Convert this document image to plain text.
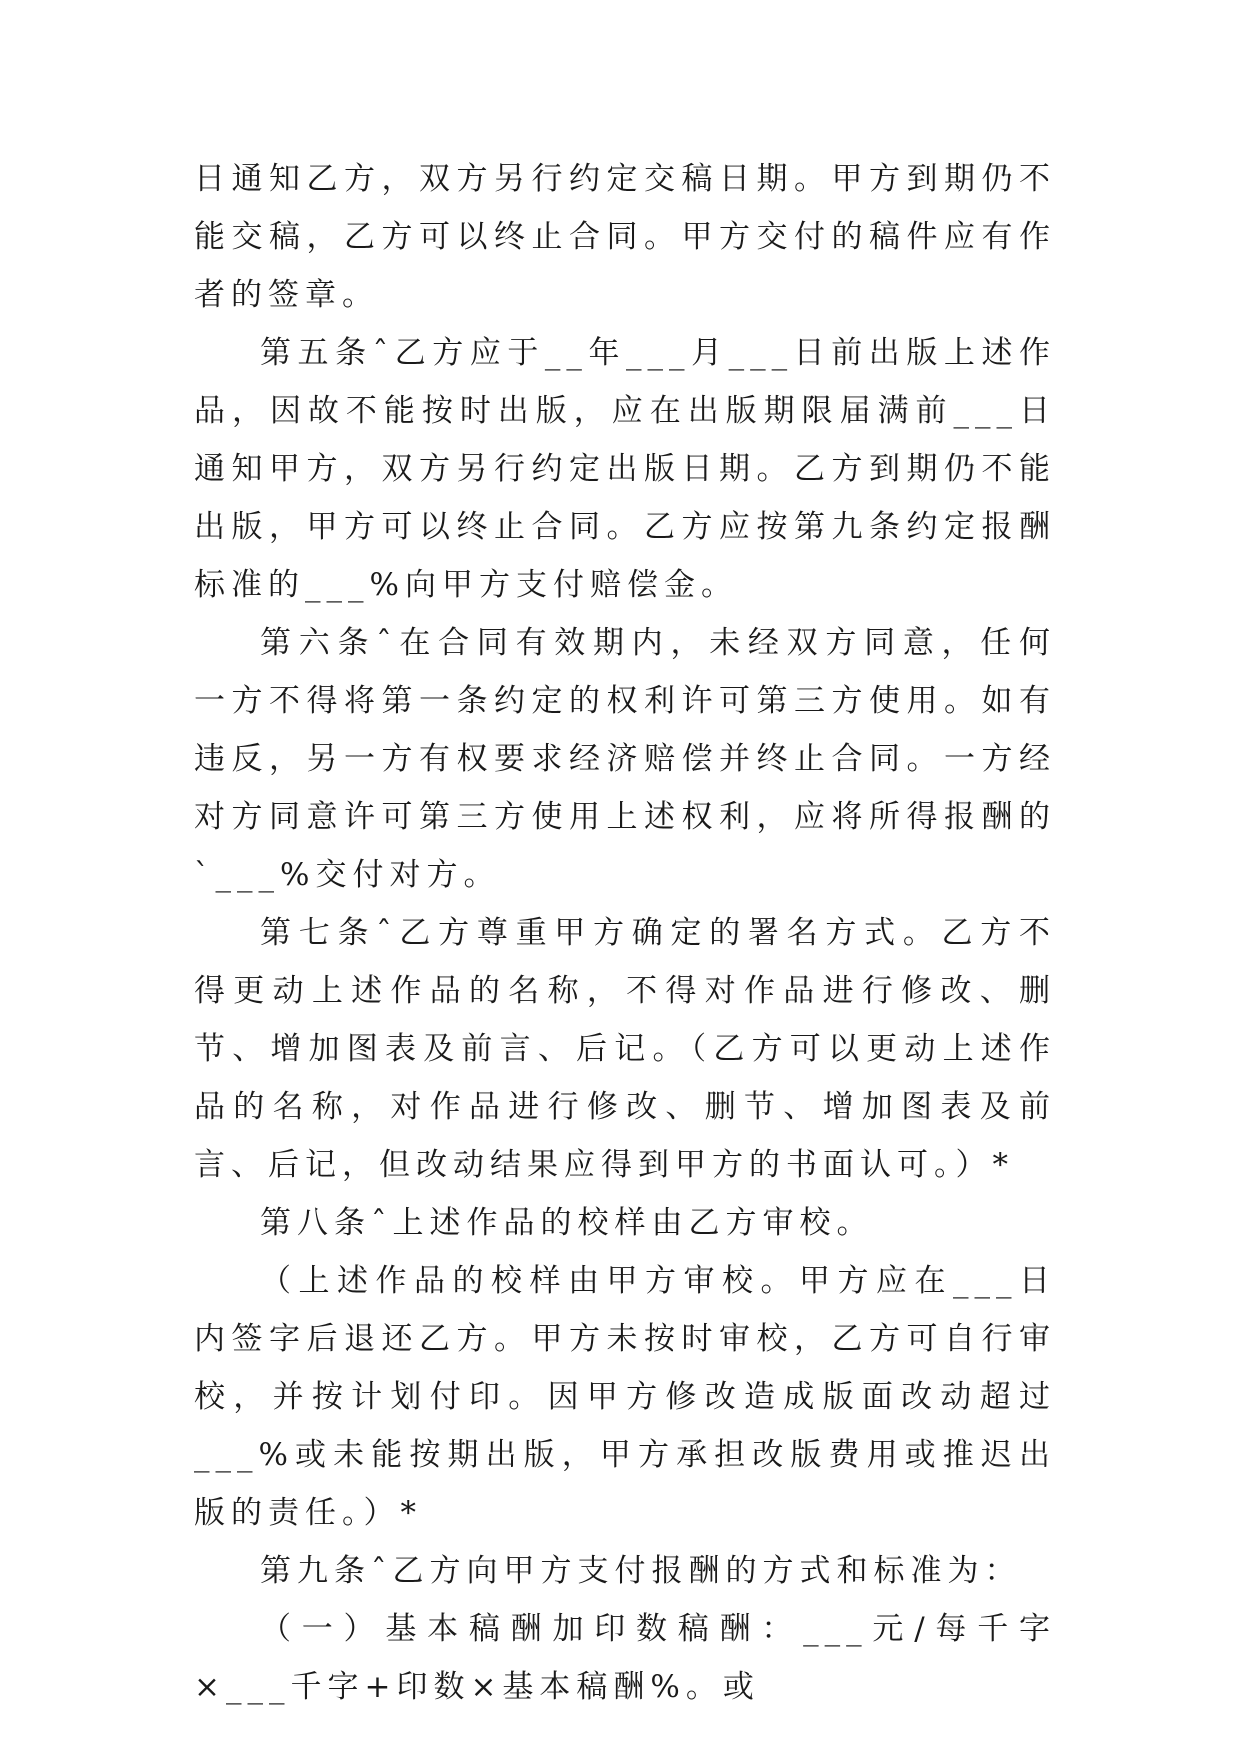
日通知乙方，双方另行约定交稿日期。甲方到期仍不能交稿，乙方可以终止合同。甲方交付的稿件应有作者的签章。

第五条ˆ乙方应于__年___月___日前出版上述作品，因故不能按时出版，应在出版期限届满前___日通知甲方，双方另行约定出版日期。乙方到期仍不能出版，甲方可以终止合同。乙方应按第九条约定报酬标准的___%向甲方支付赔偿金。

第六条ˆ在合同有效期内，未经双方同意，任何一方不得将第一条约定的权利许可第三方使用。如有违反，另一方有权要求经济赔偿并终止合同。一方经对方同意许可第三方使用上述权利，应将所得报酬的`___%交付对方。

第七条ˆ乙方尊重甲方确定的署名方式。乙方不得更动上述作品的名称，不得对作品进行修改、删节、增加图表及前言、后记。（乙方可以更动上述作品的名称，对作品进行修改、删节、增加图表及前言、后记，但改动结果应得到甲方的书面认可。）*

第八条ˆ上述作品的校样由乙方审校。

（上述作品的校样由甲方审校。甲方应在___日内签字后退还乙方。甲方未按时审校，乙方可自行审校，并按计划付印。因甲方修改造成版面改动超过___%或未能按期出版，甲方承担改版费用或推迟出版的责任。）*

第九条ˆ乙方向甲方支付报酬的方式和标准为：

（一）基本稿酬加印数稿酬：___元/每千字×___千字+印数×基本稿酬%。或
